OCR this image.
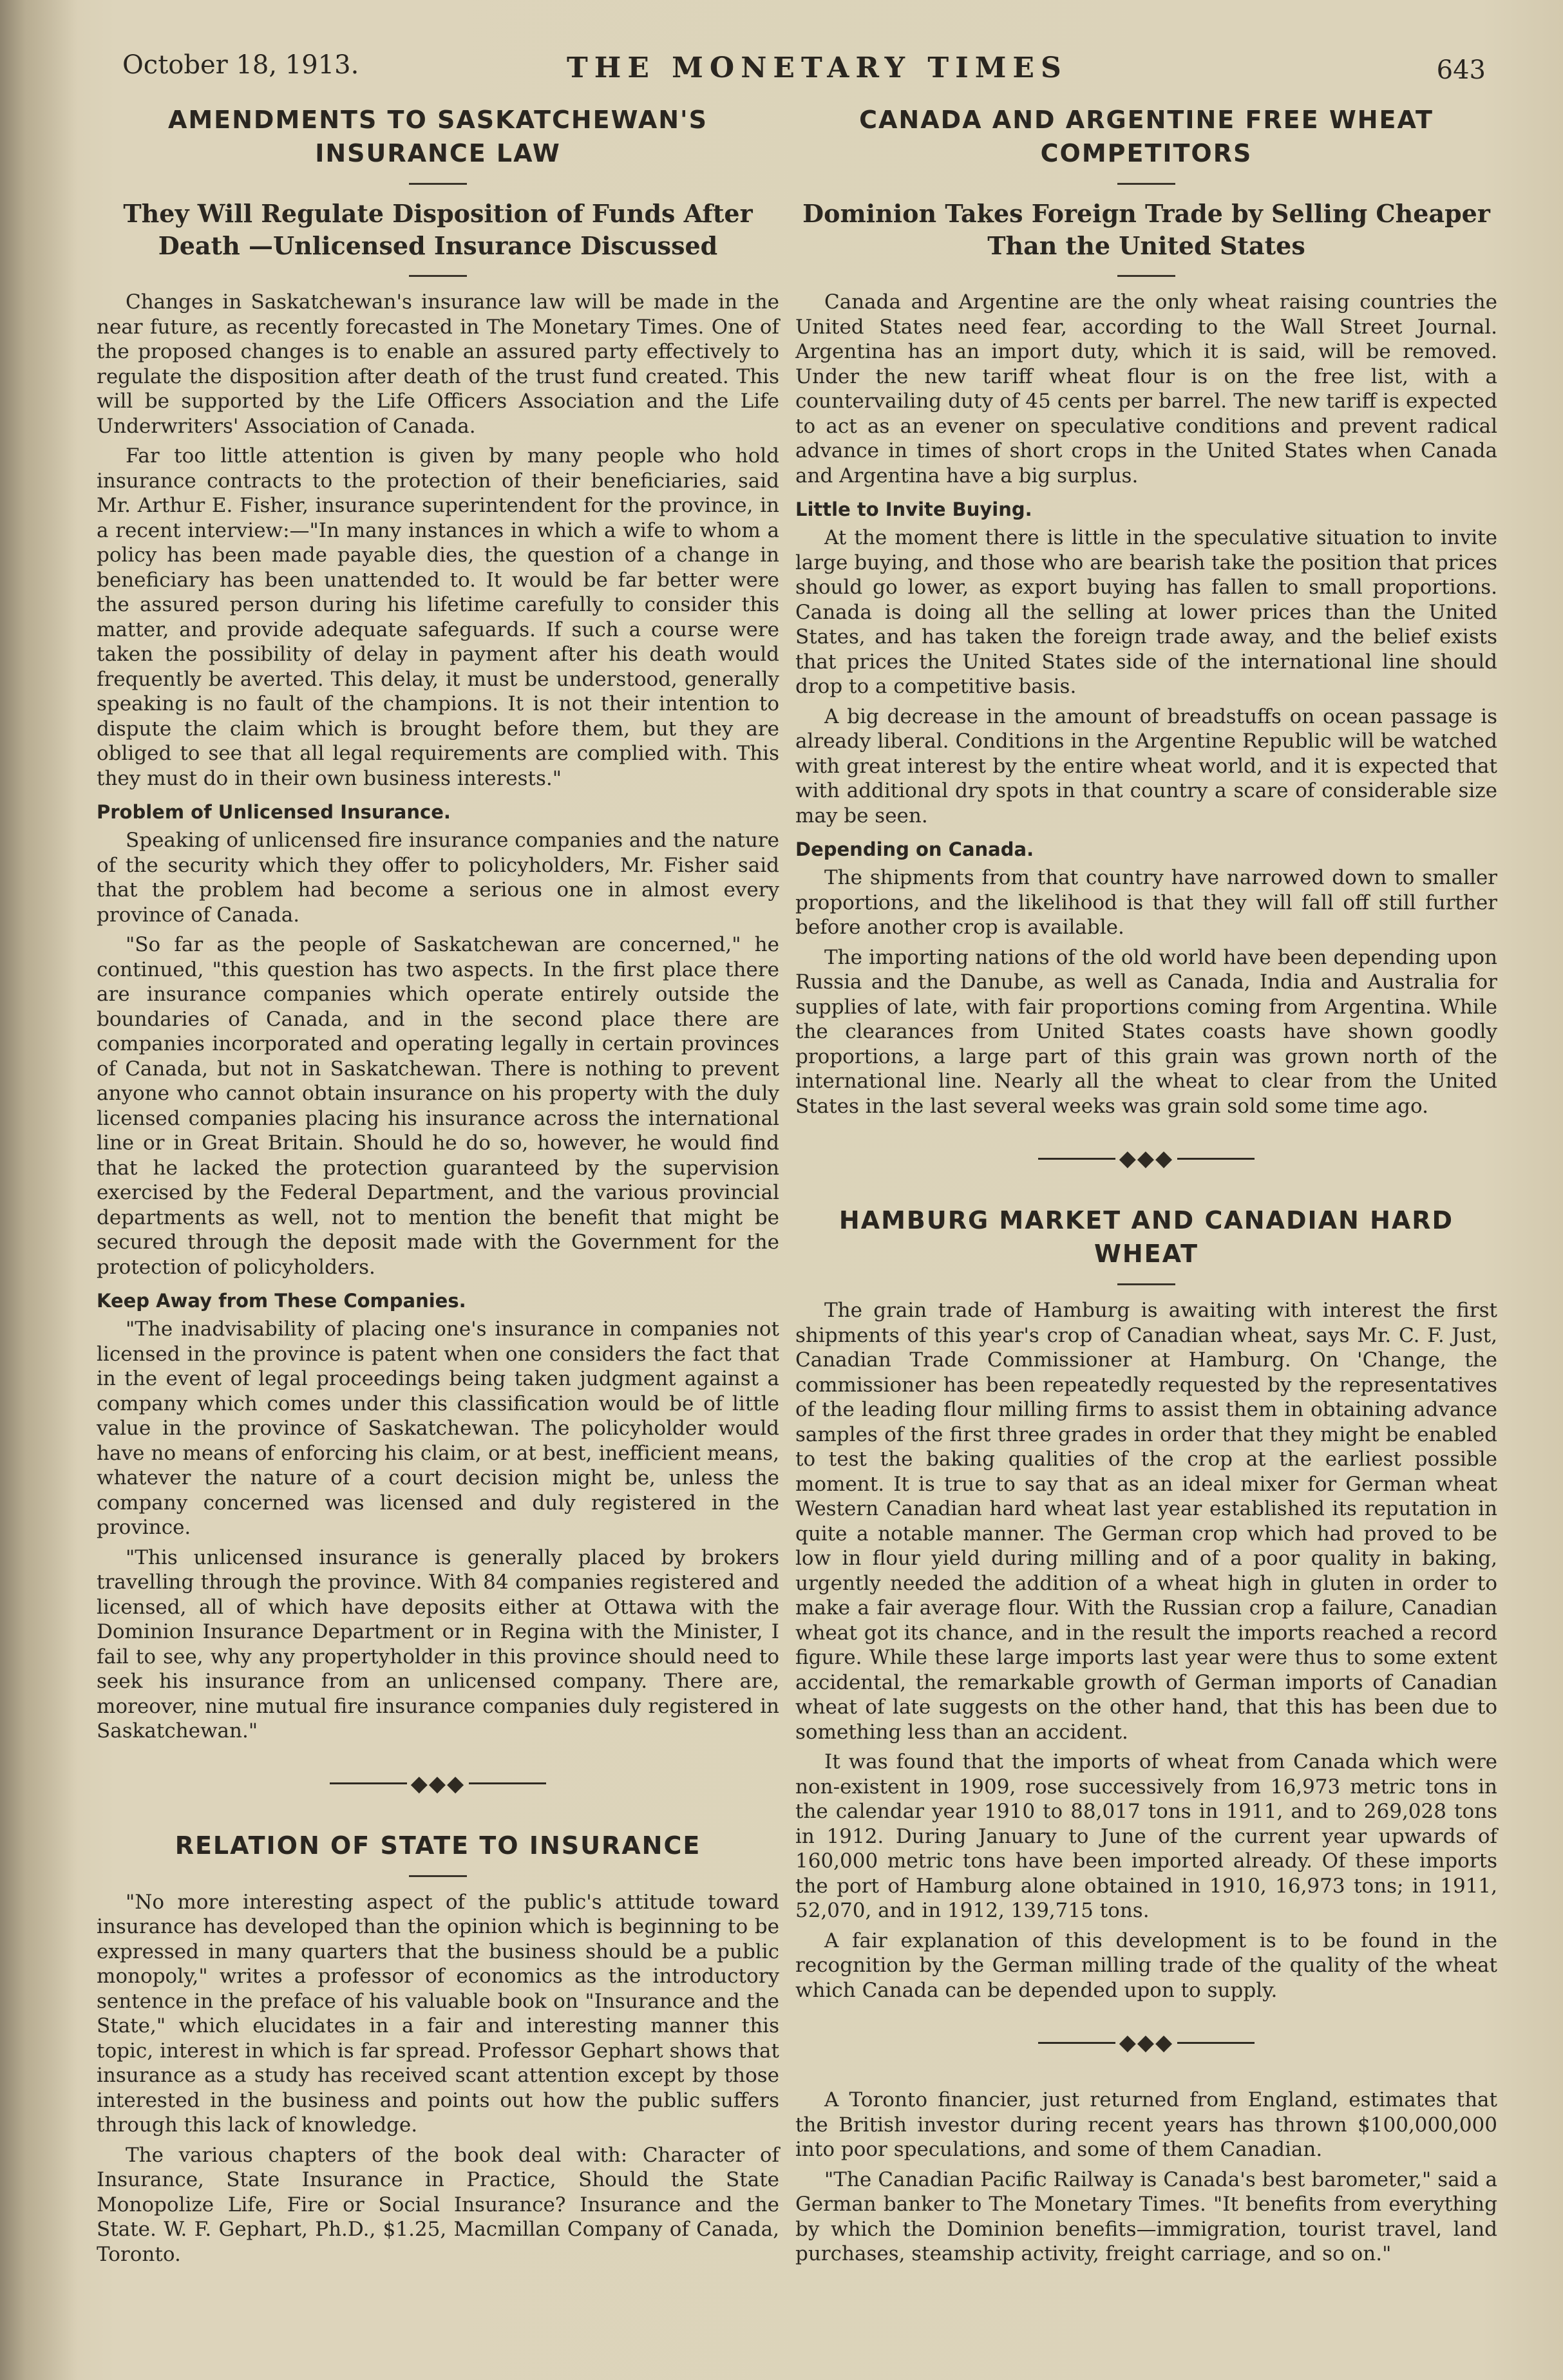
October 18, 1913.	THE MONETARY TIMES	643
AMENDMENTS TO SASKATCHEWAN'S INSURANCE LAW
They Will Regulate Disposition of Funds After Death —Unlicensed Insurance Discussed

Changes in Saskatchewan's insurance law will be made in the near future, as recently forecasted in The Monetary Times. One of the proposed changes is to enable an assured party effectively to regulate the disposition after death of the trust fund created. This will be supported by the Life Officers Association and the Life Underwriters' Association of Canada.

Far too little attention is given by many people who hold insurance contracts to the protection of their beneficiaries, said Mr. Arthur E. Fisher, insurance superintendent for the province, in a recent interview:—"In many instances in which a wife to whom a policy has been made payable dies, the question of a change in beneficiary has been unattended to. It would be far better were the assured person during his lifetime carefully to consider this matter, and provide adequate safeguards. If such a course were taken the possibility of delay in payment after his death would frequently be averted. This delay, it must be understood, generally speaking is no fault of the champions. It is not their intention to dispute the claim which is brought before them, but they are obliged to see that all legal requirements are complied with. This they must do in their own business interests."

Problem of Unlicensed Insurance.

Speaking of unlicensed fire insurance companies and the nature of the security which they offer to policyholders, Mr. Fisher said that the problem had become a serious one in almost every province of Canada.

"So far as the people of Saskatchewan are concerned," he continued, "this question has two aspects. In the first place there are insurance companies which operate entirely outside the boundaries of Canada, and in the second place there are companies incorporated and operating legally in certain provinces of Canada, but not in Saskatchewan. There is nothing to prevent anyone who cannot obtain insurance on his property with the duly licensed companies placing his insurance across the international line or in Great Britain. Should he do so, however, he would find that he lacked the protection guaranteed by the supervision exercised by the Federal Department, and the various provincial departments as well, not to mention the benefit that might be secured through the deposit made with the Government for the protection of policyholders.

Keep Away from These Companies.

"The inadvisability of placing one's insurance in companies not licensed in the province is patent when one considers the fact that in the event of legal proceedings being taken judgment against a company which comes under this classification would be of little value in the province of Saskatchewan. The policyholder would have no means of enforcing his claim, or at best, inefficient means, whatever the nature of a court decision might be, unless the company concerned was licensed and duly registered in the province.

"This unlicensed insurance is generally placed by brokers travelling through the province. With 84 companies registered and licensed, all of which have deposits either at Ottawa with the Dominion Insurance Department or in Regina with the Minister, I fail to see, why any propertyholder in this province should need to seek his insurance from an unlicensed company. There are, moreover, nine mutual fire insurance companies duly registered in Saskatchewan."

◆◆◆
RELATION OF STATE TO INSURANCE

"No more interesting aspect of the public's attitude toward insurance has developed than the opinion which is beginning to be expressed in many quarters that the business should be a public monopoly," writes a professor of economics as the introductory sentence in the preface of his valuable book on "Insurance and the State," which elucidates in a fair and interesting manner this topic, interest in which is far spread. Professor Gephart shows that insurance as a study has received scant attention except by those interested in the business and points out how the public suffers through this lack of knowledge.

The various chapters of the book deal with: Character of Insurance, State Insurance in Practice, Should the State Monopolize Life, Fire or Social Insurance? Insurance and the State. W. F. Gephart, Ph.D., $1.25, Macmillan Company of Canada, Toronto.

CANADA AND ARGENTINE FREE WHEAT COMPETITORS
Dominion Takes Foreign Trade by Selling Cheaper Than the United States

Canada and Argentine are the only wheat raising countries the United States need fear, according to the Wall Street Journal. Argentina has an import duty, which it is said, will be removed. Under the new tariff wheat flour is on the free list, with a countervailing duty of 45 cents per barrel. The new tariff is expected to act as an evener on speculative conditions and prevent radical advance in times of short crops in the United States when Canada and Argentina have a big surplus.

Little to Invite Buying.

At the moment there is little in the speculative situation to invite large buying, and those who are bearish take the position that prices should go lower, as export buying has fallen to small proportions. Canada is doing all the selling at lower prices than the United States, and has taken the foreign trade away, and the belief exists that prices the United States side of the international line should drop to a competitive basis.

A big decrease in the amount of breadstuffs on ocean passage is already liberal. Conditions in the Argentine Republic will be watched with great interest by the entire wheat world, and it is expected that with additional dry spots in that country a scare of considerable size may be seen.

Depending on Canada.

The shipments from that country have narrowed down to smaller proportions, and the likelihood is that they will fall off still further before another crop is available.

The importing nations of the old world have been depending upon Russia and the Danube, as well as Canada, India and Australia for supplies of late, with fair proportions coming from Argentina. While the clearances from United States coasts have shown goodly proportions, a large part of this grain was grown north of the international line. Nearly all the wheat to clear from the United States in the last several weeks was grain sold some time ago.

◆◆◆
HAMBURG MARKET AND CANADIAN HARD WHEAT

The grain trade of Hamburg is awaiting with interest the first shipments of this year's crop of Canadian wheat, says Mr. C. F. Just, Canadian Trade Commissioner at Hamburg. On 'Change, the commissioner has been repeatedly requested by the representatives of the leading flour milling firms to assist them in obtaining advance samples of the first three grades in order that they might be enabled to test the baking qualities of the crop at the earliest possible moment. It is true to say that as an ideal mixer for German wheat Western Canadian hard wheat last year established its reputation in quite a notable manner. The German crop which had proved to be low in flour yield during milling and of a poor quality in baking, urgently needed the addition of a wheat high in gluten in order to make a fair average flour. With the Russian crop a failure, Canadian wheat got its chance, and in the result the imports reached a record figure. While these large imports last year were thus to some extent accidental, the remarkable growth of German imports of Canadian wheat of late suggests on the other hand, that this has been due to something less than an accident.

It was found that the imports of wheat from Canada which were non-existent in 1909, rose successively from 16,973 metric tons in the calendar year 1910 to 88,017 tons in 1911, and to 269,028 tons in 1912. During January to June of the current year upwards of 160,000 metric tons have been imported already. Of these imports the port of Hamburg alone obtained in 1910, 16,973 tons; in 1911, 52,070, and in 1912, 139,715 tons.

A fair explanation of this development is to be found in the recognition by the German milling trade of the quality of the wheat which Canada can be depended upon to supply.

◆◆◆

A Toronto financier, just returned from England, estimates that the British investor during recent years has thrown $100,000,000 into poor speculations, and some of them Canadian.

"The Canadian Pacific Railway is Canada's best barometer," said a German banker to The Monetary Times. "It benefits from everything by which the Dominion benefits—immigration, tourist travel, land purchases, steamship activity, freight carriage, and so on."
